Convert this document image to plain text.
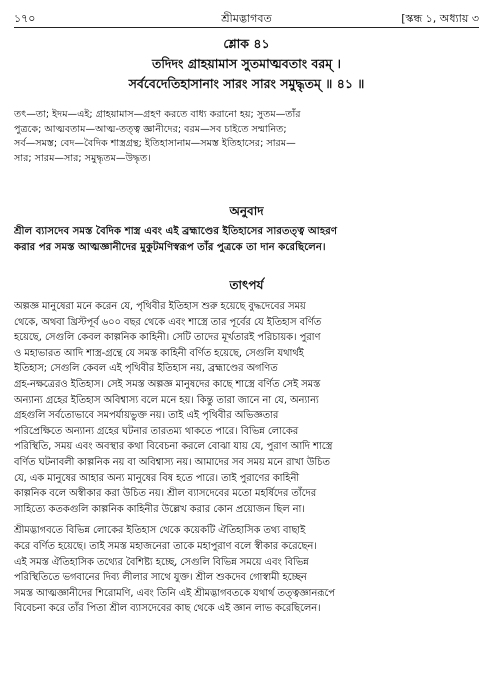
১৭০	শ্রীমদ্ভাগবত	[স্কন্ধ ১, অধ্যায় ৩
শ্লোক ৪১
তদিদং গ্রাহয়ামাস সুতমাত্মবতাং বরম্ ।
সর্ববেদেতিহাসানাং সারং সারং সমুদ্ধৃতম্ ॥ ৪১ ॥
তৎ—তা; ইদম—এই; গ্রাহয়ামাস—গ্রহণ করতে বাধ্য করানো হয়; সুতম—তাঁর
পুত্রকে; আত্মবতাম—আত্ম-তত্ত্ব জ্ঞানীদের; বরম—সব চাইতে সম্মানিত;
সর্ব—সমস্ত; বেদ—বৈদিক শাস্ত্রগ্রন্থ; ইতিহাসানাম—সমস্ত ইতিহাসের; সারম—
সার; সারম—সার; সমুদ্ধৃতম—উদ্ধৃত।
অনুবাদ
শ্রীল ব্যাসদেব সমস্ত বৈদিক শাস্ত্র এবং এই ব্রহ্মাণ্ডের ইতিহাসের সারতত্ত্ব আহরণ
করার পর সমস্ত আত্মজ্ঞানীদের মুকুটমণিস্বরূপ তাঁর পুত্রকে তা দান করেছিলেন।
তাৎপর্য
অল্পজ্ঞ মানুষেরা মনে করেন যে, পৃথিবীর ইতিহাস শুরু হয়েছে বুদ্ধদেবের সময়
থেকে, অথবা খ্রিস্টপূর্ব ৬০০ বছর থেকে এবং শাস্ত্রে তার পূর্বের যে ইতিহাস বর্ণিত
হয়েছে, সেগুলি কেবল কাল্পনিক কাহিনী। সেটি তাদের মূর্খতারই পরিচায়ক। পুরাণ
ও মহাভারত আদি শাস্ত্র-গ্রন্থে যে সমস্ত কাহিনী বর্ণিত হয়েছে, সেগুলি যথার্থই
ইতিহাস; সেগুলি কেবল এই পৃথিবীর ইতিহাস নয়, ব্রহ্মাণ্ডের অগণিত
গ্রহ-নক্ষত্রেরও ইতিহাস। সেই সমস্ত অল্পজ্ঞ মানুষদের কাছে শাস্ত্রে বর্ণিত সেই সমস্ত
অন্যান্য গ্রহের ইতিহাস অবিশ্বাস্য বলে মনে হয়। কিন্তু তারা জানে না যে, অন্যান্য
গ্রহগুলি সর্বতোভাবে সমপর্যায়ভুক্ত নয়। তাই এই পৃথিবীর অভিজ্ঞতার
পরিপ্রেক্ষিতে অন্যান্য গ্রহের ঘটনার তারতম্য থাকতে পারে। বিভিন্ন লোকের
পরিস্থিতি, সময় এবং অবস্থার কথা বিবেচনা করলে বোঝা যায় যে, পুরাণ আদি শাস্ত্রে
বর্ণিত ঘটনাবলী কাল্পনিক নয় বা অবিশ্বাস্য নয়। আমাদের সব সময় মনে রাখা উচিত
যে, এক মানুষের আহার অন্য মানুষের বিষ হতে পারে। তাই পুরাণের কাহিনী
কাল্পনিক বলে অস্বীকার করা উচিত নয়। শ্রীল ব্যাসদেবের মতো মহর্ষিদের তাঁদের
সাহিত্যে কতকগুলি কাল্পনিক কাহিনীর উল্লেখ করার কোন প্রয়োজন ছিল না।
শ্রীমদ্ভাগবতে বিভিন্ন লোকের ইতিহাস থেকে কয়েকটি ঐতিহাসিক তথ্য বাছাই
করে বর্ণিত হয়েছে। তাই সমস্ত মহাজনেরা তাকে মহাপুরাণ বলে স্বীকার করেছেন।
এই সমস্ত ঐতিহাসিক তথ্যের বৈশিষ্ট্য হচ্ছে, সেগুলি বিভিন্ন সময়ে এবং বিভিন্ন
পরিস্থিতিতে ভগবানের দিব্য লীলার সাথে যুক্ত। শ্রীল শুকদেব গোস্বামী হচ্ছেন
সমস্ত আত্মজ্ঞানীদের শিরোমণি, এবং তিনি এই শ্রীমদ্ভাগবতকে যথার্থ তত্ত্বজ্ঞানরূপে
বিবেচনা করে তাঁর পিতা শ্রীল ব্যাসদেবের কাছ থেকে এই জ্ঞান লাভ করেছিলেন।
